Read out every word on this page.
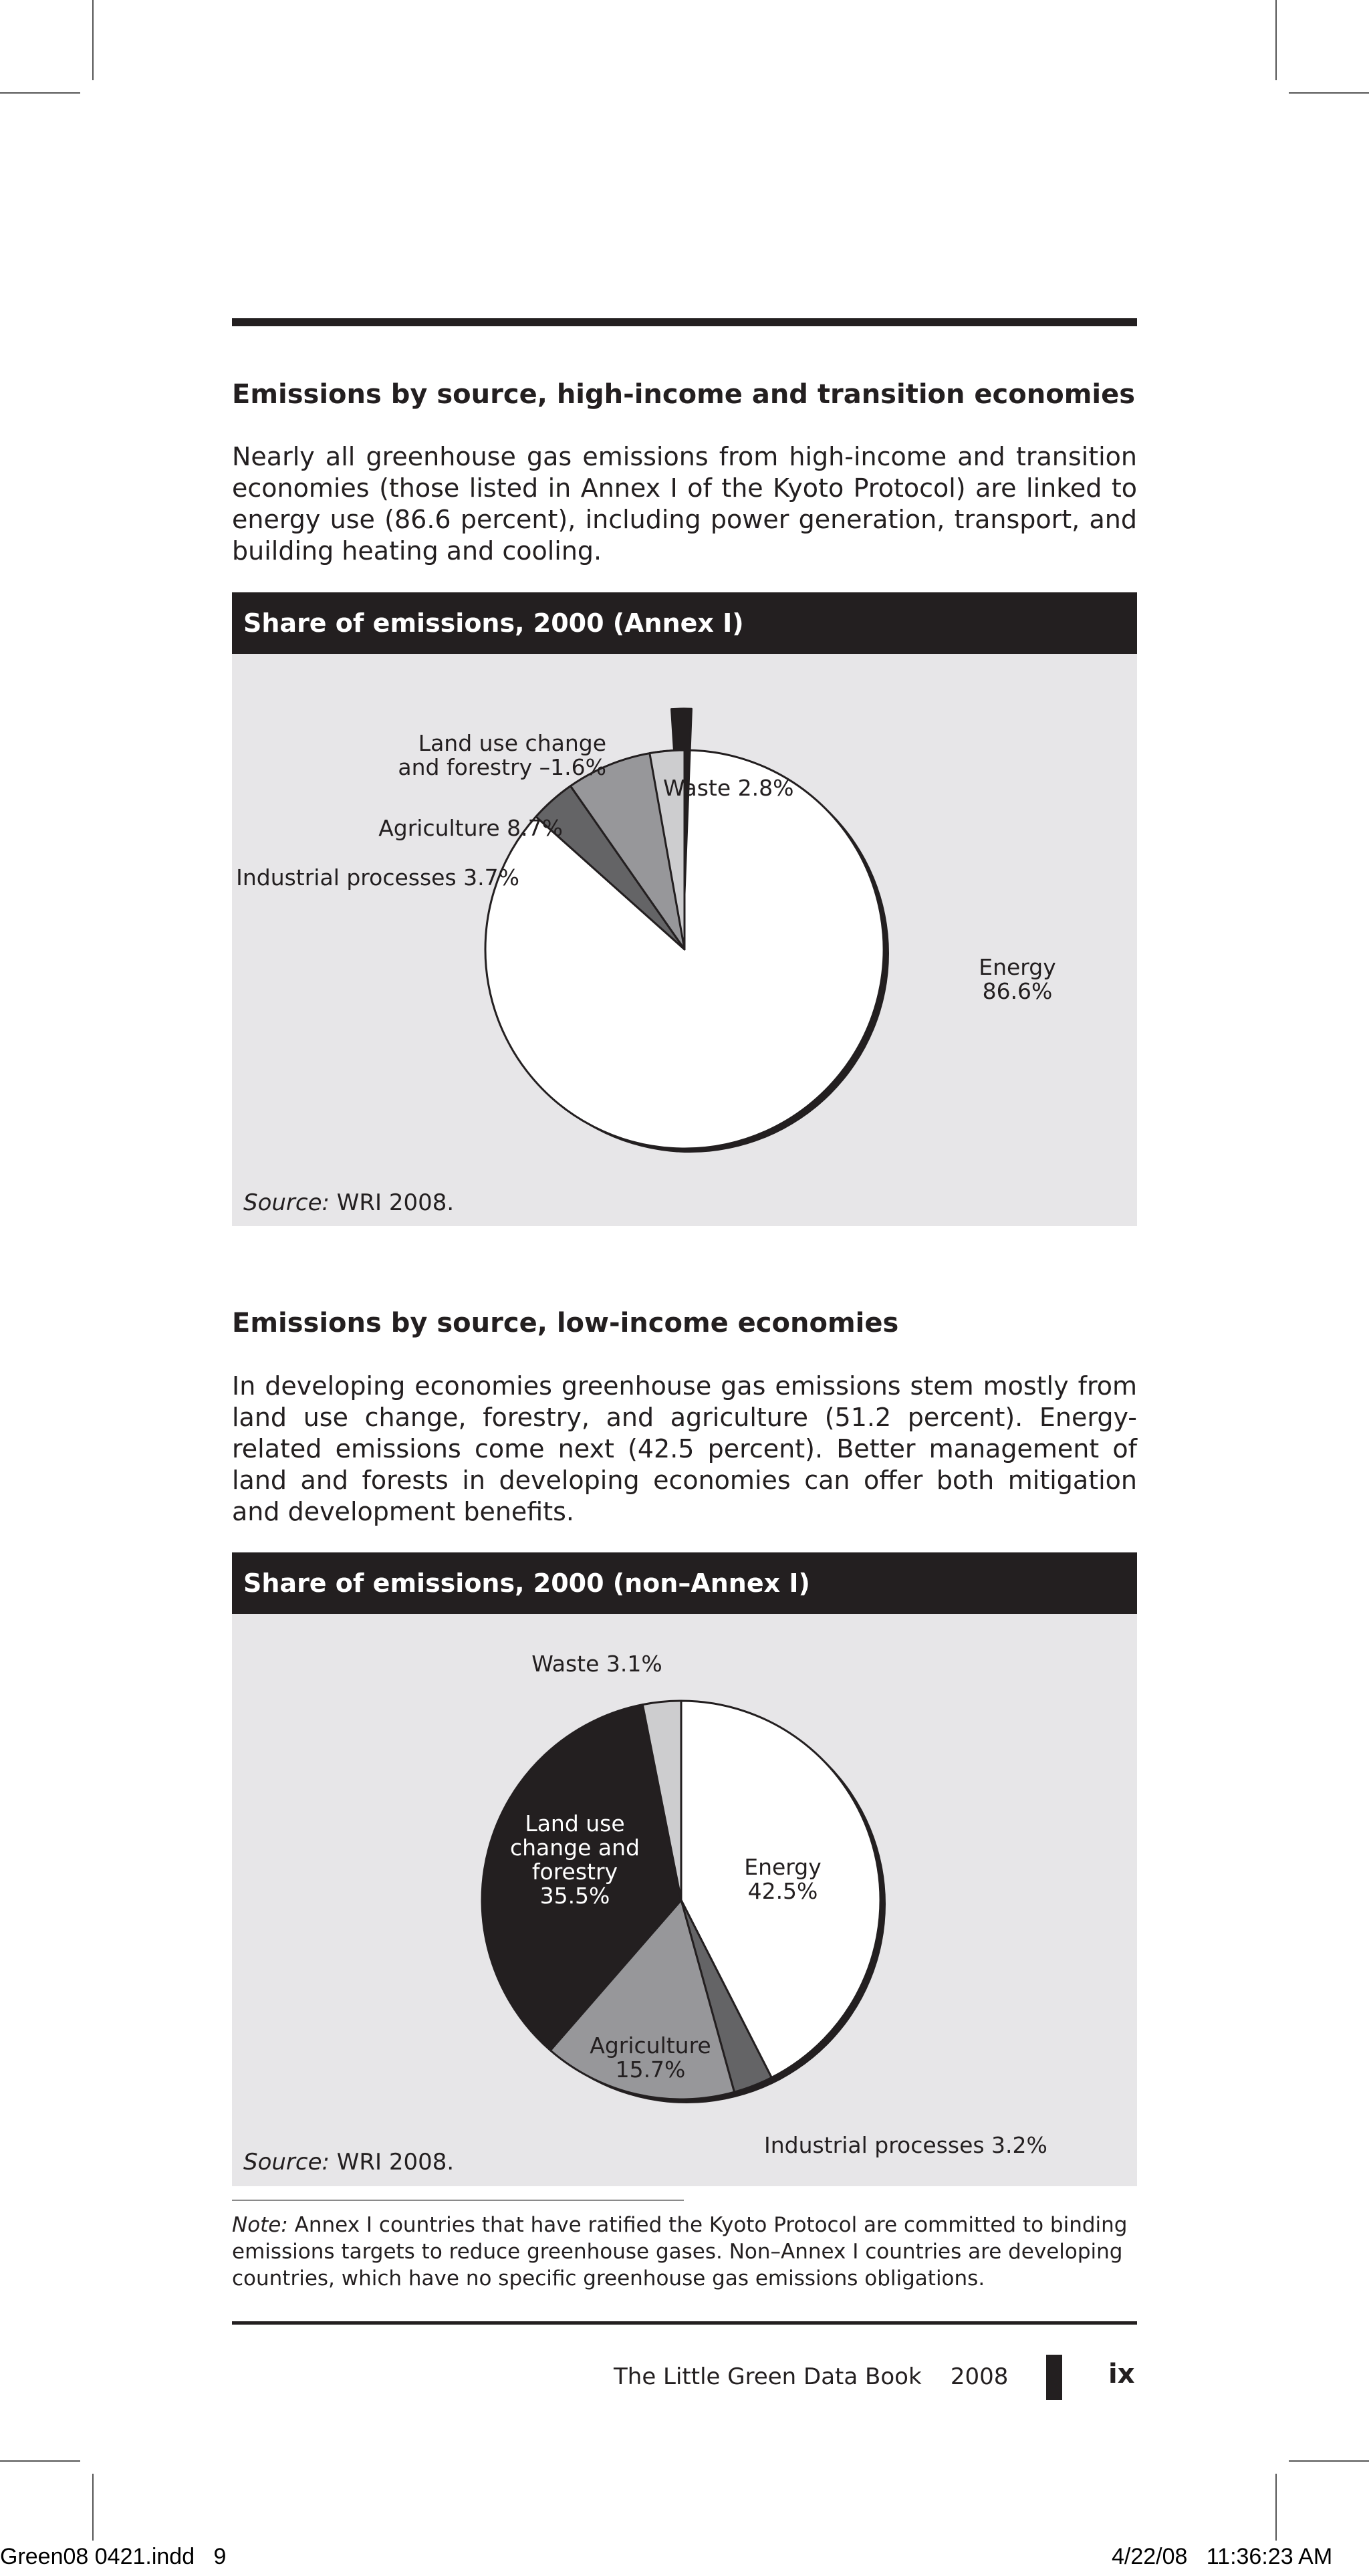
Emissions by source, high-income and transition economies

Nearly all greenhouse gas emissions from high-income and transition economies (those listed in Annex I of the Kyoto Protocol) are linked to energy use (86.6 percent), including power generation, transport, and building heating and cooling.

Share of emissions, 2000 (Annex I)
Energy 86.6%
Industrial processes 3.7%
Agriculture 8.7%
Land use change and forestry –1.6%
Waste 2.8%
Source: WRI 2008.
Emissions by source, low-income economies

In developing economies greenhouse gas emissions stem mostly from land use change, forestry, and agriculture (51.2 percent). Energy-related emissions come next (42.5 percent). Better management of land and forests in developing economies can offer both mitigation and development benefits.

Share of emissions, 2000 (non–Annex I)
Energy 42.5%
Industrial processes 3.2%
Agriculture 15.7%
Land use change and forestry 35.5%
Waste 3.1%
Source: WRI 2008.

Note: Annex I countries that have ratified the Kyoto Protocol are committed to binding emissions targets to reduce greenhouse gases. Non–Annex I countries are developing countries, which have no specific greenhouse gas emissions obligations.

The Little Green Data Book    2008	ix
Green08 0421.indd   9	4/22/08   11:36:23 AM
